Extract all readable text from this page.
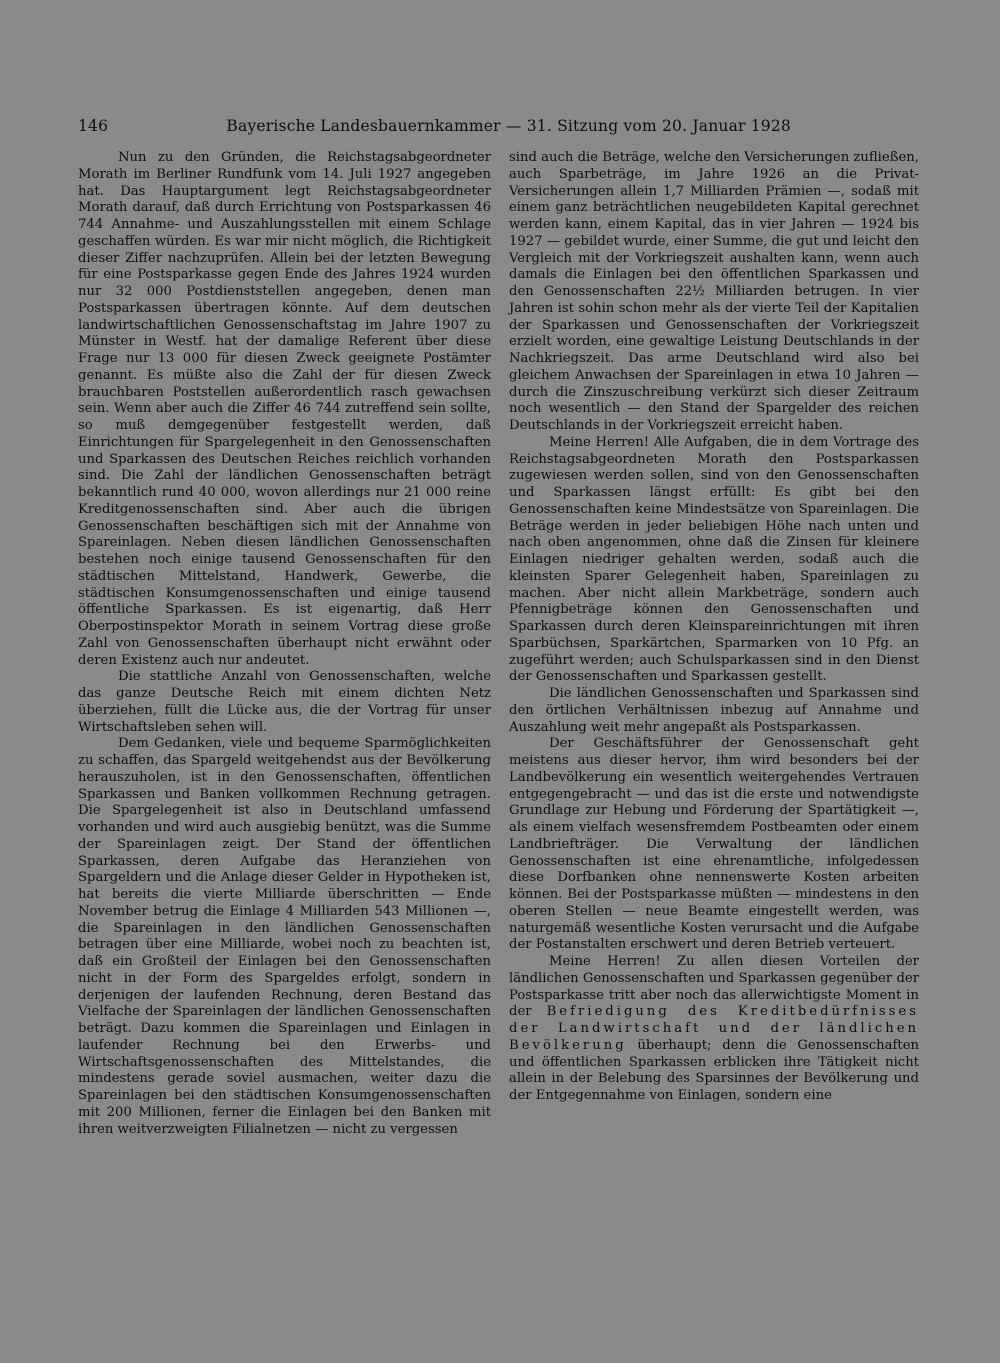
146	Bayerische Landesbauernkammer — 31. Sitzung vom 20. Januar 1928

Nun zu den Gründen, die Reichstagsabgeordneter Morath im Berliner Rundfunk vom 14. Juli 1927 angegeben hat. Das Hauptargument legt Reichstagsabgeordneter Morath darauf, daß durch Errichtung von Postsparkassen 46 744 Annahme- und Auszahlungsstellen mit einem Schlage geschaffen würden. Es war mir nicht möglich, die Richtigkeit dieser Ziffer nachzuprüfen. Allein bei der letzten Bewegung für eine Postsparkasse gegen Ende des Jahres 1924 wurden nur 32 000 Postdienststellen angegeben, denen man Postsparkassen übertragen könnte. Auf dem deutschen landwirtschaftlichen Genossenschaftstag im Jahre 1907 zu Münster in Westf. hat der damalige Referent über diese Frage nur 13 000 für diesen Zweck geeignete Postämter genannt. Es müßte also die Zahl der für diesen Zweck brauchbaren Poststellen außerordentlich rasch gewachsen sein. Wenn aber auch die Ziffer 46 744 zutreffend sein sollte, so muß demgegenüber festgestellt werden, daß Einrichtungen für Spargelegenheit in den Genossenschaften und Sparkassen des Deutschen Reiches reichlich vorhanden sind. Die Zahl der ländlichen Genossenschaften beträgt bekanntlich rund 40 000, wovon allerdings nur 21 000 reine Kreditgenossenschaften sind. Aber auch die übrigen Genossenschaften beschäftigen sich mit der Annahme von Spareinlagen. Neben diesen ländlichen Genossenschaften bestehen noch einige tausend Genossenschaften für den städtischen Mittelstand, Handwerk, Gewerbe, die städtischen Konsumgenossenschaften und einige tausend öffentliche Sparkassen. Es ist eigenartig, daß Herr Oberpostinspektor Morath in seinem Vortrag diese große Zahl von Genossenschaften überhaupt nicht erwähnt oder deren Existenz auch nur andeutet.

Die stattliche Anzahl von Genossenschaften, welche das ganze Deutsche Reich mit einem dichten Netz überziehen, füllt die Lücke aus, die der Vortrag für unser Wirtschaftsleben sehen will.

Dem Gedanken, viele und bequeme Sparmöglichkeiten zu schaffen, das Spargeld weitgehendst aus der Bevölkerung herauszuholen, ist in den Genossenschaften, öffentlichen Sparkassen und Banken vollkommen Rechnung getragen. Die Spargelegenheit ist also in Deutschland umfassend vorhanden und wird auch ausgiebig benützt, was die Summe der Spareinlagen zeigt. Der Stand der öffentlichen Sparkassen, deren Aufgabe das Heranziehen von Spargeldern und die Anlage dieser Gelder in Hypotheken ist, hat bereits die vierte Milliarde überschritten — Ende November betrug die Einlage 4 Milliarden 543 Millionen —, die Spareinlagen in den ländlichen Genossenschaften betragen über eine Milliarde, wobei noch zu beachten ist, daß ein Großteil der Einlagen bei den Genossenschaften nicht in der Form des Spargeldes erfolgt, sondern in derjenigen der laufenden Rechnung, deren Bestand das Vielfache der Spareinlagen der ländlichen Genossenschaften beträgt. Dazu kommen die Spareinlagen und Einlagen in laufender Rechnung bei den Erwerbs- und Wirtschaftsgenossenschaften des Mittelstandes, die mindestens gerade soviel ausmachen, weiter dazu die Spareinlagen bei den städtischen Konsumgenossenschaften mit 200 Millionen, ferner die Einlagen bei den Banken mit ihren weitverzweigten Filialnetzen — nicht zu vergessen

sind auch die Beträge, welche den Versicherungen zufließen, auch Sparbeträge, im Jahre 1926 an die Privat-Versicherungen allein 1,7 Milliarden Prämien —, sodaß mit einem ganz beträchtlichen neugebildeten Kapital gerechnet werden kann, einem Kapital, das in vier Jahren — 1924 bis 1927 — gebildet wurde, einer Summe, die gut und leicht den Vergleich mit der Vorkriegszeit aushalten kann, wenn auch damals die Einlagen bei den öffentlichen Sparkassen und den Genossenschaften 22½ Milliarden betrugen. In vier Jahren ist sohin schon mehr als der vierte Teil der Kapitalien der Sparkassen und Genossenschaften der Vorkriegszeit erzielt worden, eine gewaltige Leistung Deutschlands in der Nachkriegszeit. Das arme Deutschland wird also bei gleichem Anwachsen der Spareinlagen in etwa 10 Jahren — durch die Zinszuschreibung verkürzt sich dieser Zeitraum noch wesentlich — den Stand der Spargelder des reichen Deutschlands in der Vorkriegszeit erreicht haben.

Meine Herren! Alle Aufgaben, die in dem Vortrage des Reichstagsabgeordneten Morath den Postsparkassen zugewiesen werden sollen, sind von den Genossenschaften und Sparkassen längst erfüllt: Es gibt bei den Genossenschaften keine Mindestsätze von Spareinlagen. Die Beträge werden in jeder beliebigen Höhe nach unten und nach oben angenommen, ohne daß die Zinsen für kleinere Einlagen niedriger gehalten werden, sodaß auch die kleinsten Sparer Gelegenheit haben, Spareinlagen zu machen. Aber nicht allein Markbeträge, sondern auch Pfennigbeträge können den Genossenschaften und Sparkassen durch deren Kleinspareinrichtungen mit ihren Sparbüchsen, Sparkärtchen, Sparmarken von 10 Pfg. an zugeführt werden; auch Schulsparkassen sind in den Dienst der Genossenschaften und Sparkassen gestellt.

Die ländlichen Genossenschaften und Sparkassen sind den örtlichen Verhältnissen inbezug auf Annahme und Auszahlung weit mehr angepaßt als Postsparkassen.

Der Geschäftsführer der Genossenschaft geht meistens aus dieser hervor, ihm wird besonders bei der Landbevölkerung ein wesentlich weitergehendes Vertrauen entgegengebracht — und das ist die erste und notwendigste Grundlage zur Hebung und Förderung der Spartätigkeit —, als einem vielfach wesensfremdem Postbeamten oder einem Landbriefträger. Die Verwaltung der ländlichen Genossenschaften ist eine ehrenamtliche, infolgedessen diese Dorfbanken ohne nennenswerte Kosten arbeiten können. Bei der Postsparkasse müßten — mindestens in den oberen Stellen — neue Beamte eingestellt werden, was naturgemäß wesentliche Kosten verursacht und die Aufgabe der Postanstalten erschwert und deren Betrieb verteuert.

Meine Herren! Zu allen diesen Vorteilen der ländlichen Genossenschaften und Sparkassen gegenüber der Postsparkasse tritt aber noch das allerwichtigste Moment in der Befriedigung des Kreditbedürfnisses der Landwirtschaft und der ländlichen Bevölkerung überhaupt; denn die Genossenschaften und öffentlichen Sparkassen erblicken ihre Tätigkeit nicht allein in der Belebung des Sparsinnes der Bevölkerung und der Entgegennahme von Einlagen, sondern eine
